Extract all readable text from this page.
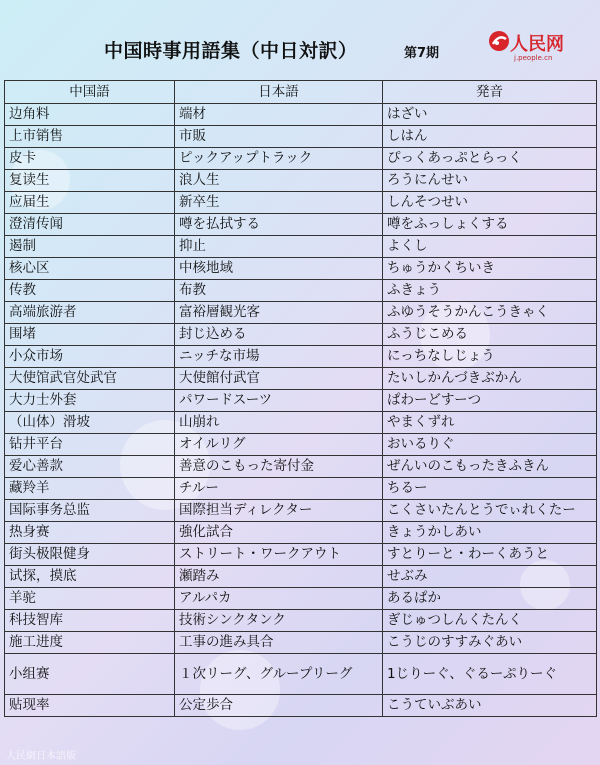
中国時事用語集（中日対訳）	第7期	人民网
j.people.cn
中国語	日本語	発音
边角料	端材	はざい
上市销售	市販	しはん
皮卡	ピックアップトラック	ぴっくあっぷとらっく
复读生	浪人生	ろうにんせい
应届生	新卒生	しんそつせい
澄清传闻	噂を払拭する	噂をふっしょくする
遏制	抑止	よくし
核心区	中核地域	ちゅうかくちいき
传教	布教	ふきょう
高端旅游者	富裕層観光客	ふゆうそうかんこうきゃく
围堵	封じ込める	ふうじこめる
小众市场	ニッチな市場	にっちなしじょう
大使馆武官处武官	大使館付武官	たいしかんづきぶかん
大力士外套	パワードスーツ	ぱわーどすーつ
（山体）滑坡	山崩れ	やまくずれ
钻井平台	オイルリグ	おいるりぐ
爱心善款	善意のこもった寄付金	ぜんいのこもったきふきん
藏羚羊	チルー	ちるー
国际事务总监	国際担当ディレクター	こくさいたんとうでぃれくたー
热身赛	強化試合	きょうかしあい
街头极限健身	ストリート・ワークアウト	すとりーと・わーくあうと
试探，摸底	瀬踏み	せぶみ
羊驼	アルパカ	あるぱか
科技智库	技術シンクタンク	ぎじゅつしんくたんく
施工进度	工事の進み具合	こうじのすすみぐあい
小组赛	１次リーグ、グループリーグ	1じりーぐ、ぐるーぷりーぐ
贴现率	公定歩合	こうていぶあい
人民網日本語版
